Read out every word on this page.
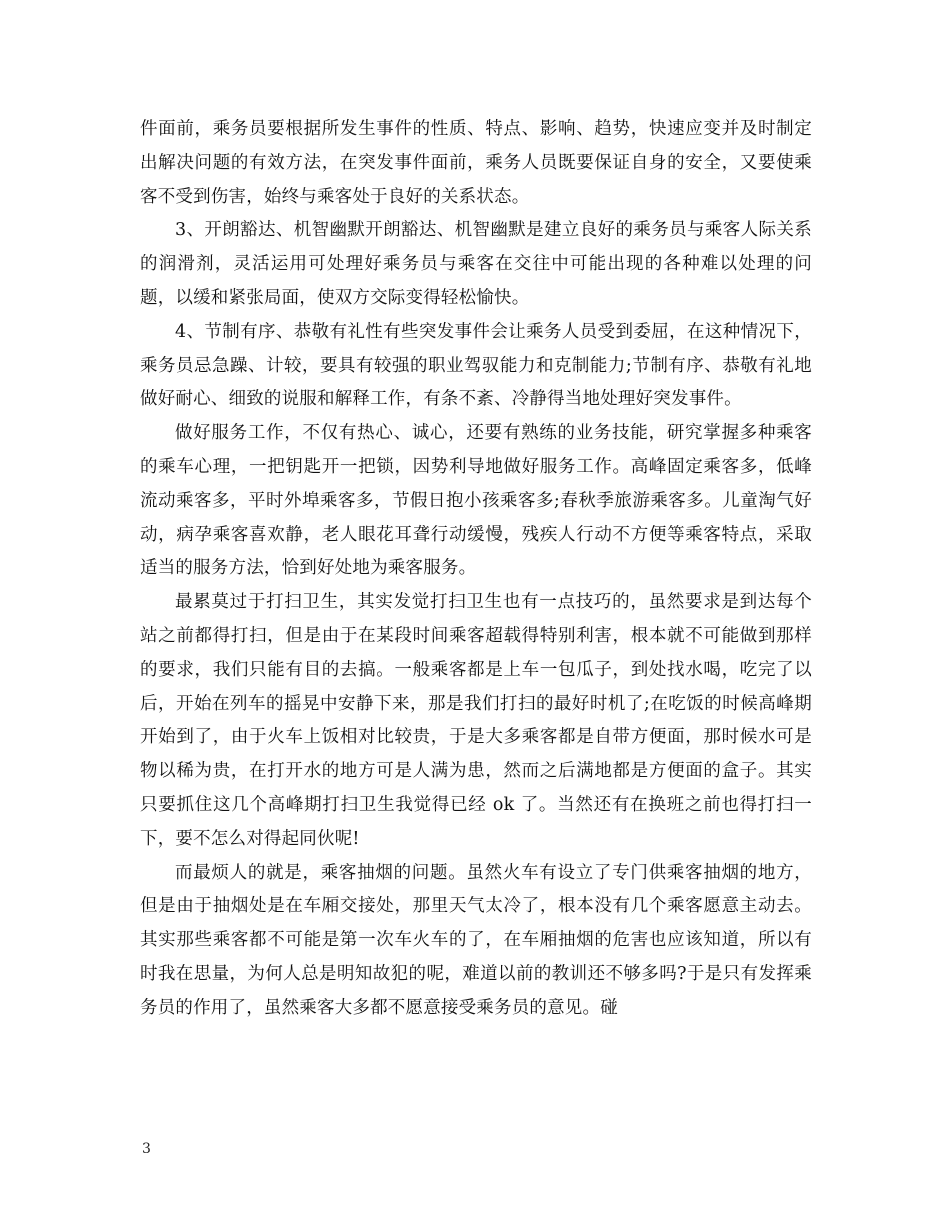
件面前，乘务员要根据所发生事件的性质、特点、影响、趋势，快速应变并及时制定出解决问题的有效方法，在突发事件面前，乘务人员既要保证自身的安全，又要使乘客不受到伤害，始终与乘客处于良好的关系状态。

3、开朗豁达、机智幽默开朗豁达、机智幽默是建立良好的乘务员与乘客人际关系的润滑剂，灵活运用可处理好乘务员与乘客在交往中可能出现的各种难以处理的问题，以缓和紧张局面，使双方交际变得轻松愉快。

4、节制有序、恭敬有礼性有些突发事件会让乘务人员受到委屈，在这种情况下，乘务员忌急躁、计较，要具有较强的职业驾驭能力和克制能力;节制有序、恭敬有礼地做好耐心、细致的说服和解释工作，有条不紊、冷静得当地处理好突发事件。

做好服务工作，不仅有热心、诚心，还要有熟练的业务技能，研究掌握多种乘客的乘车心理，一把钥匙开一把锁，因势利导地做好服务工作。高峰固定乘客多，低峰流动乘客多，平时外埠乘客多，节假日抱小孩乘客多;春秋季旅游乘客多。儿童淘气好动，病孕乘客喜欢静，老人眼花耳聋行动缓慢，残疾人行动不方便等乘客特点，采取适当的服务方法，恰到好处地为乘客服务。

最累莫过于打扫卫生，其实发觉打扫卫生也有一点技巧的，虽然要求是到达每个站之前都得打扫，但是由于在某段时间乘客超载得特别利害，根本就不可能做到那样的要求，我们只能有目的去搞。一般乘客都是上车一包瓜子，到处找水喝，吃完了以后，开始在列车的摇晃中安静下来，那是我们打扫的最好时机了;在吃饭的时候高峰期开始到了，由于火车上饭相对比较贵，于是大多乘客都是自带方便面，那时候水可是物以稀为贵，在打开水的地方可是人满为患，然而之后满地都是方便面的盒子。其实只要抓住这几个高峰期打扫卫生我觉得已经 ok 了。当然还有在换班之前也得打扫一下，要不怎么对得起同伙呢!

而最烦人的就是，乘客抽烟的问题。虽然火车有设立了专门供乘客抽烟的地方，但是由于抽烟处是在车厢交接处，那里天气太冷了，根本没有几个乘客愿意主动去。其实那些乘客都不可能是第一次车火车的了，在车厢抽烟的危害也应该知道，所以有时我在思量，为何人总是明知故犯的呢，难道以前的教训还不够多吗?于是只有发挥乘务员的作用了，虽然乘客大多都不愿意接受乘务员的意见。碰

3
